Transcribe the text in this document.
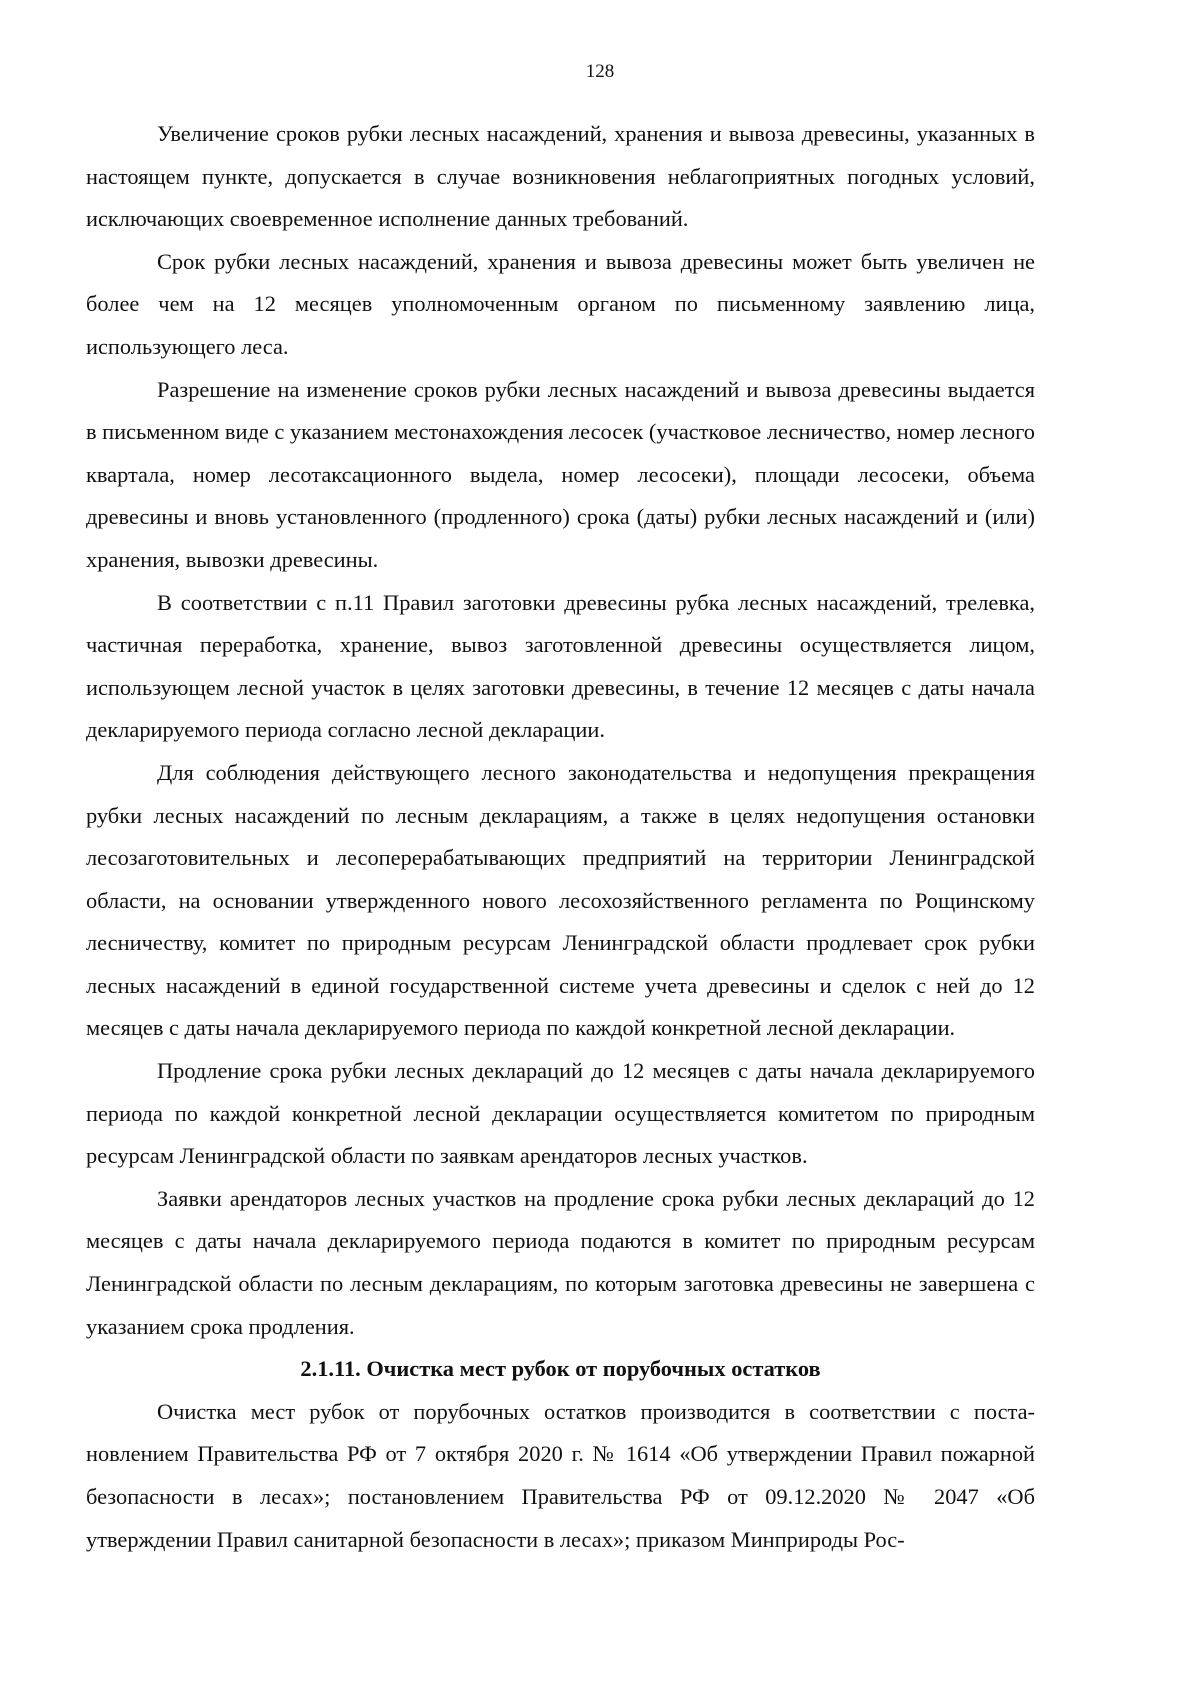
128

Увеличение сроков рубки лесных насаждений, хранения и вывоза древесины, указанных в настоящем пункте, допускается в случае возникновения неблагоприятных погодных условий, исключающих своевременное исполнение данных требований.

Срок рубки лесных насаждений, хранения и вывоза древесины может быть увеличен не более чем на 12 месяцев уполномоченным органом по письменному заявлению лица, использующего леса.

Разрешение на изменение сроков рубки лесных насаждений и вывоза древесины выдается в письменном виде с указанием местонахождения лесосек (участковое лесничество, номер лесного квартала, номер лесотаксационного выдела, номер лесосеки), площади лесосеки, объема древесины и вновь установленного (продленного) срока (даты) рубки лесных насаждений и (или) хранения, вывозки древесины.

В соответствии с п.11 Правил заготовки древесины рубка лесных насаждений, трелевка, частичная переработка, хранение, вывоз заготовленной древесины осуществляется лицом, использующем лесной участок в целях заготовки древесины, в течение 12 месяцев с даты начала декларируемого периода согласно лесной декларации.

Для соблюдения действующего лесного законодательства и недопущения прекращения рубки лесных насаждений по лесным декларациям, а также в целях недопущения остановки лесозаготовительных и лесоперерабатывающих предприятий на территории Ленинградской области, на основании утвержденного нового лесохозяйственного регламента по Рощинскому лесничеству, комитет по природным ресурсам Ленинградской области продлевает срок рубки лесных насаждений в единой государственной системе учета древесины и сделок с ней до 12 месяцев с даты начала декларируемого периода по каждой конкретной лесной декларации.

Продление срока рубки лесных деклараций до 12 месяцев с даты начала декларируемого периода по каждой конкретной лесной декларации осуществляется комитетом по природным ресурсам Ленинградской области по заявкам арендаторов лесных участков.

Заявки арендаторов лесных участков на продление срока рубки лесных деклараций до 12 месяцев с даты начала декларируемого периода подаются в комитет по природным ресурсам Ленинградской области по лесным декларациям, по которым заготовка древесины не завершена с указанием срока продления.

2.1.11. Очистка мест рубок от порубочных остатков

Очистка мест рубок от порубочных остатков производится в соответствии с постановлением Правительства РФ от 7 октября 2020 г. № 1614 «Об утверждении Правил пожарной безопасности в лесах»; постановлением Правительства РФ от 09.12.2020 № 2047 «Об утверждении Правил санитарной безопасности в лесах»; приказом Минприроды Рос-
